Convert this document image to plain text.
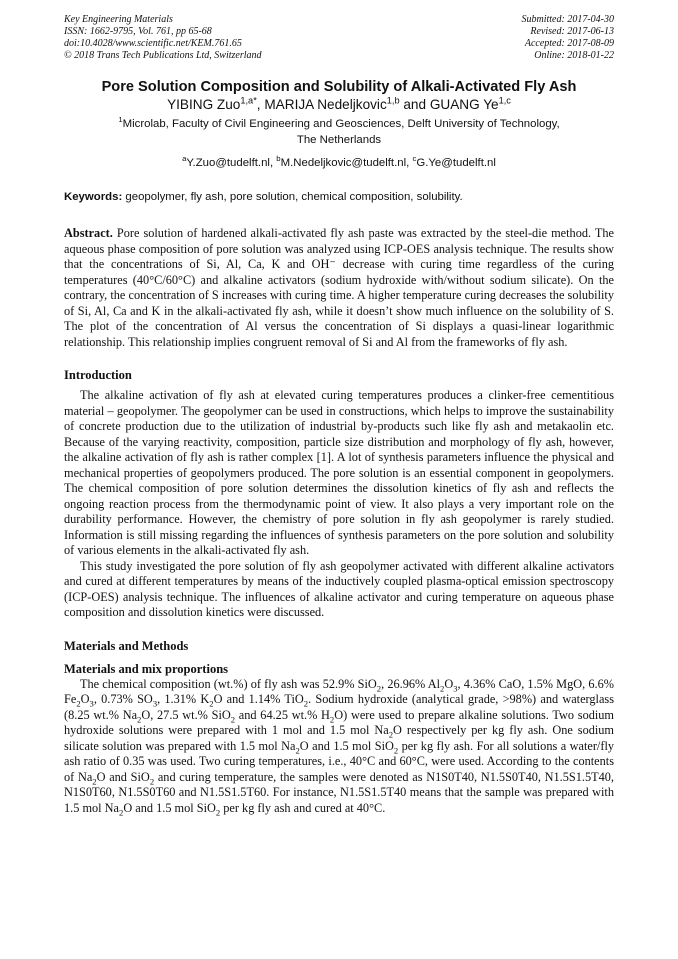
Key Engineering Materials
ISSN: 1662-9795, Vol. 761, pp 65-68
doi:10.4028/www.scientific.net/KEM.761.65
© 2018 Trans Tech Publications Ltd, Switzerland
Submitted: 2017-04-30
Revised: 2017-06-13
Accepted: 2017-08-09
Online: 2018-01-22
Pore Solution Composition and Solubility of Alkali-Activated Fly Ash
YIBING Zuo$^{1,a*}$, MARIJA Nedeljkovic$^{1,b}$ and GUANG Ye$^{1,c}$
$^1$Microlab, Faculty of Civil Engineering and Geosciences, Delft University of Technology,
The Netherlands
$^a$Y.Zuo@tudelft.nl, $^b$M.Nedeljkovic@tudelft.nl, $^c$G.Ye@tudelft.nl
Keywords: geopolymer, fly ash, pore solution, chemical composition, solubility.

Abstract. Pore solution of hardened alkali-activated fly ash paste was extracted by the steel-die method. The aqueous phase composition of pore solution was analyzed using ICP-OES analysis technique. The results show that the concentrations of Si, Al, Ca, K and OH⁻ decrease with curing time regardless of the curing temperatures (40°C/60°C) and alkaline activators (sodium hydroxide with/without sodium silicate). On the contrary, the concentration of S increases with curing time. A higher temperature curing decreases the solubility of Si, Al, Ca and K in the alkali-activated fly ash, while it doesn’t show much influence on the solubility of S. The plot of the concentration of Al versus the concentration of Si displays a quasi-linear logarithmic relationship. This relationship implies congruent removal of Si and Al from the frameworks of fly ash.

Introduction

The alkaline activation of fly ash at elevated curing temperatures produces a clinker-free cementitious material – geopolymer. The geopolymer can be used in constructions, which helps to improve the sustainability of concrete production due to the utilization of industrial by-products such like fly ash and metakaolin etc. Because of the varying reactivity, composition, particle size distribution and morphology of fly ash, however, the alkaline activation of fly ash is rather complex [1]. A lot of synthesis parameters influence the physical and mechanical properties of geopolymers produced. The pore solution is an essential component in geopolymers. The chemical composition of pore solution determines the dissolution kinetics of fly ash and reflects the ongoing reaction process from the thermodynamic point of view. It also plays a very important role on the durability performance. However, the chemistry of pore solution in fly ash geopolymer is rarely studied. Information is still missing regarding the influences of synthesis parameters on the pore solution and solubility of various elements in the alkali-activated fly ash.

This study investigated the pore solution of fly ash geopolymer activated with different alkaline activators and cured at different temperatures by means of the inductively coupled plasma-optical emission spectroscopy (ICP-OES) analysis technique. The influences of alkaline activator and curing temperature on aqueous phase composition and dissolution kinetics were discussed.

Materials and Methods
Materials and mix proportions

The chemical composition (wt.%) of fly ash was 52.9% SiO$_2$, 26.96% $Al_2O_3$, 4.36% CaO, 1.5% MgO, 6.6% $Fe_2O_3$, 0.73% $SO_3$, 1.31% $K_2O$ and 1.14% TiO$_2$. Sodium hydroxide (analytical grade, >98%) and waterglass (8.25 wt.% $Na_2O$, 27.5 wt.% SiO$_2$ and 64.25 wt.% $H_2O$) were used to prepare alkaline solutions. Two sodium hydroxide solutions were prepared with 1 mol and 1.5 mol $Na_2O$ respectively per kg fly ash. One sodium silicate solution was prepared with 1.5 mol $Na_2O$ and 1.5 mol SiO$_2$ per kg fly ash. For all solutions a water/fly ash ratio of 0.35 was used. Two curing temperatures, i.e., 40°C and 60°C, were used. According to the contents of $Na_2O$ and SiO$_2$ and curing temperature, the samples were denoted as N1S0T40, N1.5S0T40, N1.5S1.5T40, N1S0T60, N1.5S0T60 and N1.5S1.5T60. For instance, N1.5S1.5T40 means that the sample was prepared with 1.5 mol $Na_2O$ and 1.5 mol SiO$_2$ per kg fly ash and cured at 40°C.
